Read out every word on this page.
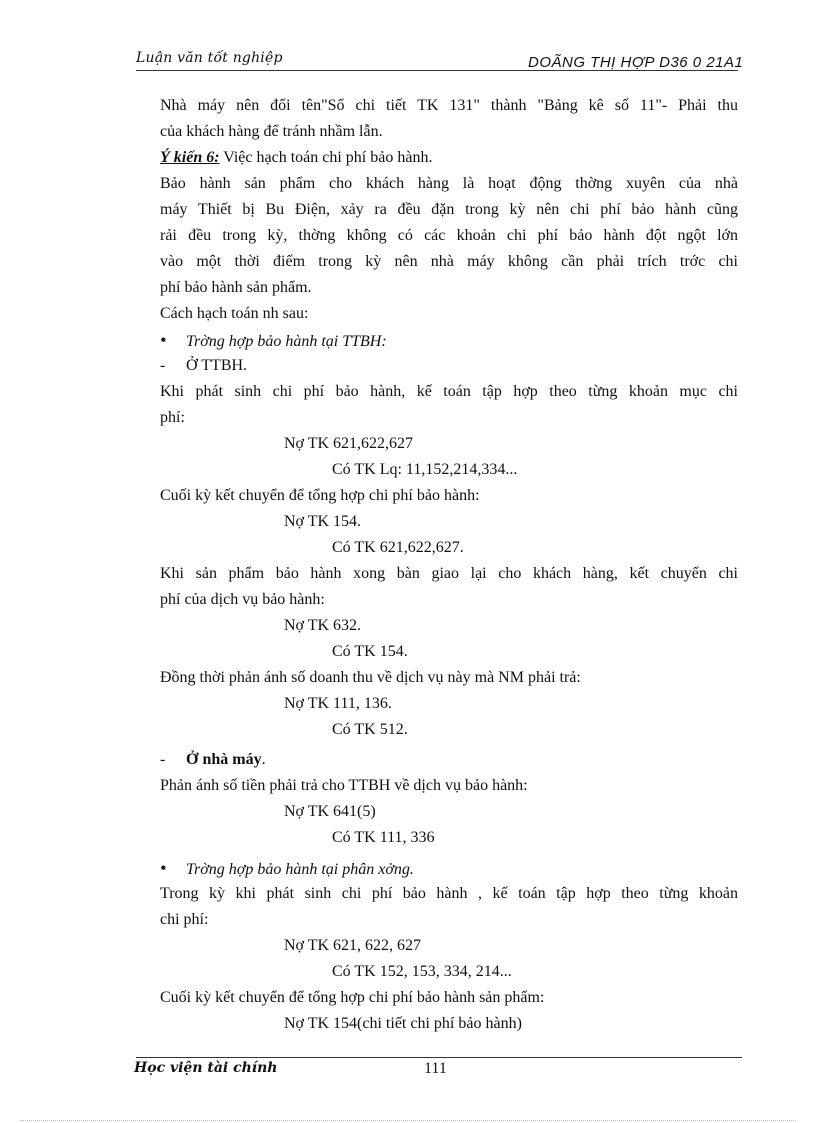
Luận văn tốt nghiệp	DOÃNG THỊ HỢP D36 0 21A1
Nhà máy nên đổi tên"Sổ chi tiết TK 131" thành "Bảng kê số 11"- Phải thu
của khách hàng để tránh nhầm lẫn.
Ý kiến 6: Việc hạch toán chi phí bảo hành.
Bảo hành sản phẩm cho khách hàng là hoạt động thờng xuyên của nhà
máy Thiết bị Bu Điện, xảy ra đều đặn trong kỳ nên chi phí bảo hành cũng
rải đều trong kỳ, thờng không có các khoản chi phí bảo hành đột ngột lớn
vào một thời điểm trong kỳ nên nhà máy không cần phải trích trớc chi
phí bảo hành sản phẩm.
Cách hạch toán nh sau:
• Trờng hợp bảo hành tại TTBH:
- Ở TTBH.
Khi phát sinh chi phí bảo hành, kế toán tập hợp theo từng khoản mục chi
phí:
Nợ TK 621,622,627
Có TK Lq: 11,152,214,334...
Cuối kỳ kết chuyển để tổng hợp chi phí bảo hành:
Nợ TK 154.
Có TK 621,622,627.
Khi sản phẩm bảo hành xong bàn giao lại cho khách hàng, kết chuyển chi
phí của dịch vụ bảo hành:
Nợ TK 632.
Có TK 154.
Đồng thời phản ánh số doanh thu về dịch vụ này mà NM phải trả:
Nợ TK 111, 136.
Có TK 512.
- Ở nhà máy.
Phản ánh số tiền phải trả cho TTBH về dịch vụ bảo hành:
Nợ TK 641(5)
Có TK 111, 336
• Trờng hợp bảo hành tại phân xởng.
Trong kỳ khi phát sinh chi phí bảo hành , kế toán tập hợp theo từng khoản
chi phí:
Nợ TK 621, 622, 627
Có TK 152, 153, 334, 214...
Cuối kỳ kết chuyển để tổng hợp chi phí bảo hành sản phẩm:
Nợ TK 154(chi tiết chi phí bảo hành)
Học viện tài chính	111
